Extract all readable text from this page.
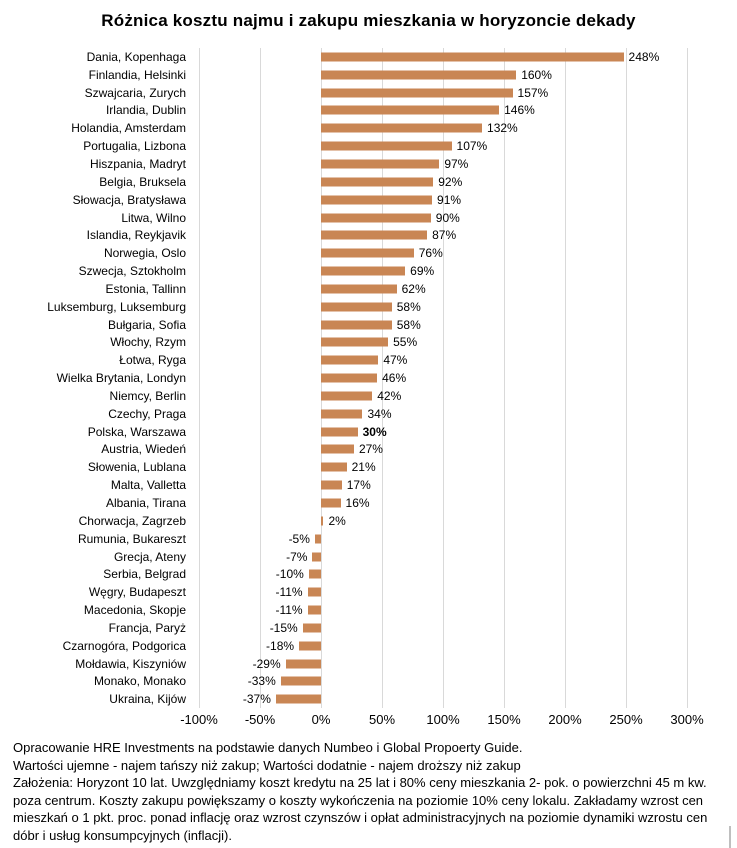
Różnica kosztu najmu i zakupu mieszkania w horyzoncie dekady
Dania, Kopenhaga	248%
Finlandia, Helsinki	160%
Szwajcaria, Zurych	157%
Irlandia, Dublin	146%
Holandia, Amsterdam	132%
Portugalia, Lizbona	107%
Hiszpania, Madryt	97%
Belgia, Bruksela	92%
Słowacja, Bratysława	91%
Litwa, Wilno	90%
Islandia, Reykjavik	87%
Norwegia, Oslo	76%
Szwecja, Sztokholm	69%
Estonia, Tallinn	62%
Luksemburg, Luksemburg	58%
Bułgaria, Sofia	58%
Włochy, Rzym	55%
Łotwa, Ryga	47%
Wielka Brytania, Londyn	46%
Niemcy, Berlin	42%
Czechy, Praga	34%
Polska, Warszawa	30%
Austria, Wiedeń	27%
Słowenia, Lublana	21%
Malta, Valletta	17%
Albania, Tirana	16%
Chorwacja, Zagrzeb	2%
Rumunia, Bukareszt	-5%
Grecja, Ateny	-7%
Serbia, Belgrad	-10%
Węgry, Budapeszt	-11%
Macedonia, Skopje	-11%
Francja, Paryż	-15%
Czarnogóra, Podgorica	-18%
Mołdawia, Kiszyniów	-29%
Monako, Monako	-33%
Ukraina, Kijów	-37%
-100% -50%	0%	50% 100% 150% 200% 250% 300%

Opracowanie HRE Investments na podstawie danych Numbeo i Global Propoerty Guide.

Wartości ujemne - najem tańszy niż zakup; Wartości dodatnie - najem droższy niż zakup

Założenia: Horyzont 10 lat. Uwzględniamy koszt kredytu na 25 lat i 80% ceny mieszkania 2- pok. o powierzchni 45 m kw. poza centrum. Koszty zakupu powiększamy o koszty wykończenia na poziomie 10% ceny lokalu. Zakładamy wzrost cen mieszkań o 1 pkt. proc. ponad inflację oraz wzrost czynszów i opłat administracyjnych na poziomie dynamiki wzrostu cen dóbr i usług konsumpcyjnych (inflacji).
